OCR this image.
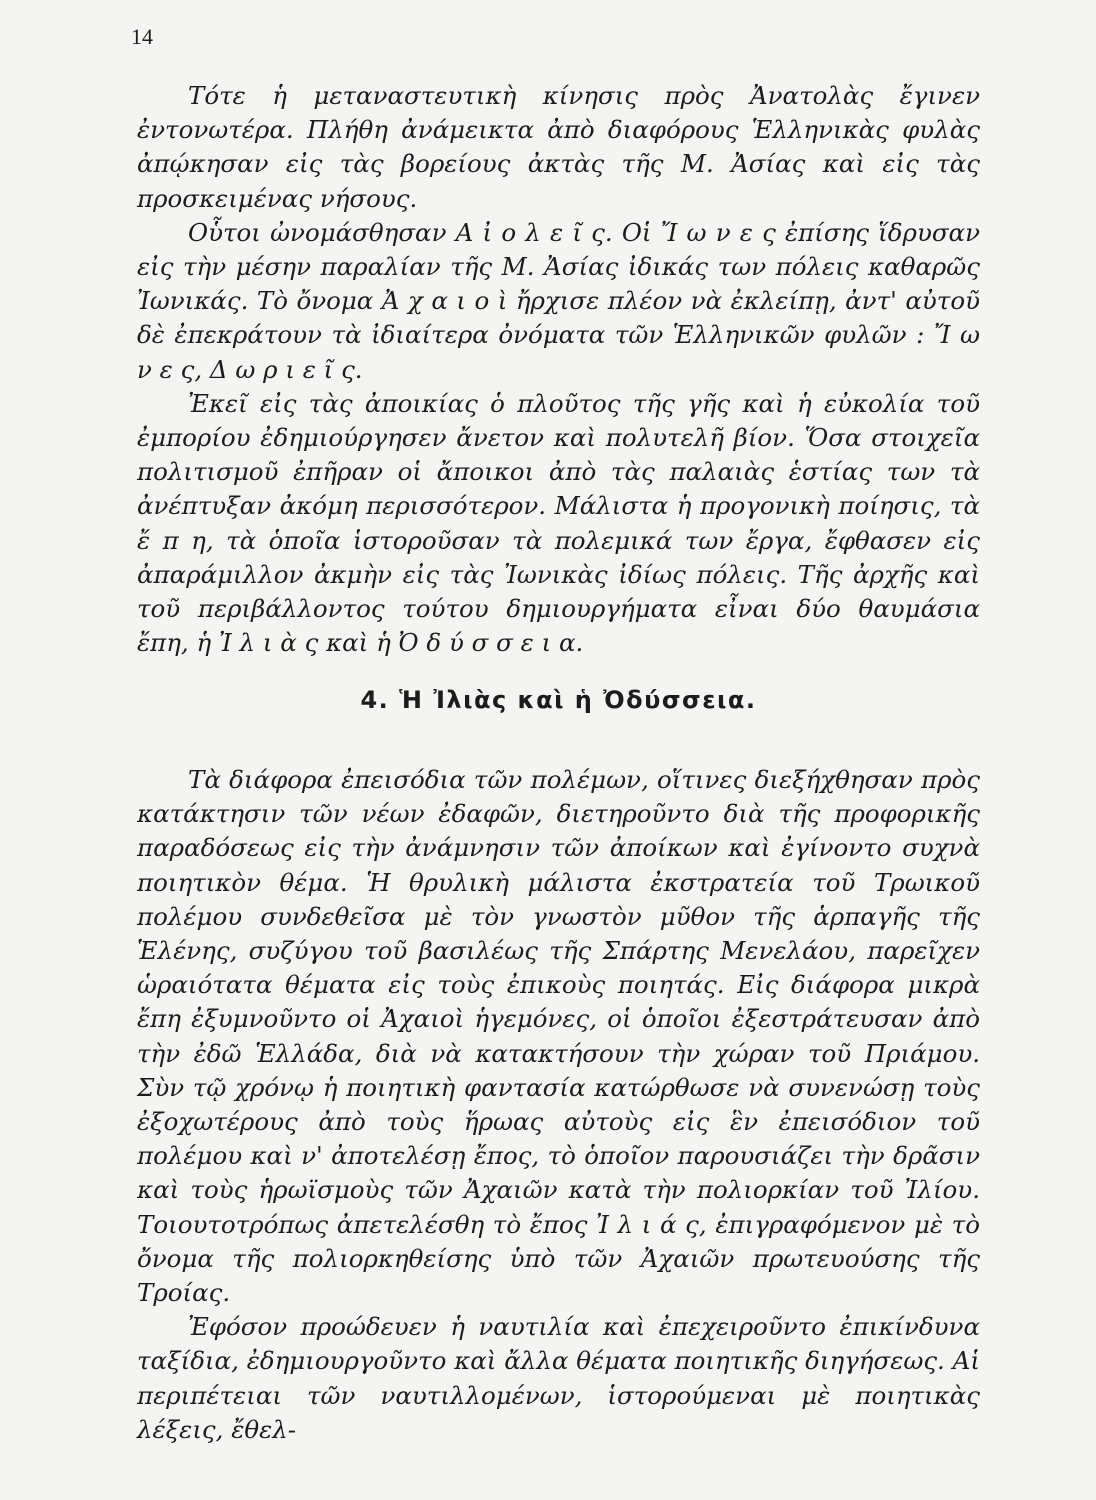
14

Τότε ἡ μεταναστευτικὴ κίνησις πρὸς Ἀνατολὰς ἔγινεν ἐντονωτέρα. Πλήθη ἀνάμεικτα ἀπὸ διαφόρους Ἑλληνικὰς φυλὰς ἀπῴκησαν εἰς τὰς βορείους ἀκτὰς τῆς Μ. Ἀσίας καὶ εἰς τὰς προσκειμένας νήσους.

Οὗτοι ὠνομάσθησαν Α ἰ ο λ ε ῖ ς. Οἱ Ἴ ω ν ε ς ἐπίσης ἵδρυσαν εἰς τὴν μέσην παραλίαν τῆς Μ. Ἀσίας ἰδικάς των πόλεις καθαρῶς Ἰωνικάς. Τὸ ὄνομα Ἀ χ α ι ο ὶ ἤρχισε πλέον νὰ ἐκλείπῃ, ἀντ' αὐτοῦ δὲ ἐπεκράτουν τὰ ἰδιαίτερα ὀνόματα τῶν Ἑλληνικῶν φυλῶν : Ἴ ω ν ε ς, Δ ω ρ ι ε ῖ ς.

Ἐκεῖ εἰς τὰς ἀποικίας ὁ πλοῦτος τῆς γῆς καὶ ἡ εὐκολία τοῦ ἐμπορίου ἐδημιούργησεν ἄνετον καὶ πολυτελῆ βίον. Ὅσα στοιχεῖα πολιτισμοῦ ἐπῆραν οἱ ἄποικοι ἀπὸ τὰς παλαιὰς ἑστίας των τὰ ἀνέπτυξαν ἀκόμη περισσότερον. Μάλιστα ἡ προγονικὴ ποίησις, τὰ ἔ π η, τὰ ὁποῖα ἱστοροῦσαν τὰ πολεμικά των ἔργα, ἔφθασεν εἰς ἀπαράμιλλον ἀκμὴν εἰς τὰς Ἰωνικὰς ἰδίως πόλεις. Τῆς ἀρχῆς καὶ τοῦ περιβάλλοντος τούτου δημιουργήματα εἶναι δύο θαυμάσια ἔπη, ἡ Ἰ λ ι ὰ ς καὶ ἡ Ὀ δ ύ σ σ ε ι α.

4. Ἡ Ἰλιὰς καὶ ἡ Ὀδύσσεια.

Τὰ διάφορα ἐπεισόδια τῶν πολέμων, οἵτινες διεξήχθησαν πρὸς κατάκτησιν τῶν νέων ἐδαφῶν, διετηροῦντο διὰ τῆς προφορικῆς παραδόσεως εἰς τὴν ἀνάμνησιν τῶν ἀποίκων καὶ ἐγίνοντο συχνὰ ποιητικὸν θέμα. Ἡ θρυλικὴ μάλιστα ἐκστρατεία τοῦ Τρωικοῦ πολέμου συνδεθεῖσα μὲ τὸν γνωστὸν μῦθον τῆς ἁρπαγῆς τῆς Ἑλένης, συζύγου τοῦ βασιλέως τῆς Σπάρτης Μενελάου, παρεῖχεν ὡραιότατα θέματα εἰς τοὺς ἐπικοὺς ποιητάς. Εἰς διάφορα μικρὰ ἔπη ἐξυμνοῦντο οἱ Ἀχαιοὶ ἡγεμόνες, οἱ ὁποῖοι ἐξεστράτευσαν ἀπὸ τὴν ἐδῶ Ἑλλάδα, διὰ νὰ κατακτήσουν τὴν χώραν τοῦ Πριάμου. Σὺν τῷ χρόνῳ ἡ ποιητικὴ φαντασία κατώρθωσε νὰ συνενώσῃ τοὺς ἐξοχωτέρους ἀπὸ τοὺς ἥρωας αὐτοὺς εἰς ἓν ἐπεισόδιον τοῦ πολέμου καὶ ν' ἀποτελέσῃ ἔπος, τὸ ὁποῖον παρουσιάζει τὴν δρᾶσιν καὶ τοὺς ἡρωϊσμοὺς τῶν Ἀχαιῶν κατὰ τὴν πολιορκίαν τοῦ Ἰλίου. Τοιουτοτρόπως ἀπετελέσθη τὸ ἔπος Ἰ λ ι ά ς, ἐπιγραφόμενον μὲ τὸ ὄνομα τῆς πολιορκηθείσης ὑπὸ τῶν Ἀχαιῶν πρωτευούσης τῆς Τροίας.

Ἐφόσον προώδευεν ἡ ναυτιλία καὶ ἐπεχειροῦντο ἐπικίνδυνα ταξίδια, ἐδημιουργοῦντο καὶ ἄλλα θέματα ποιητικῆς διηγήσεως. Αἱ περιπέτειαι τῶν ναυτιλλομένων, ἱστορούμεναι μὲ ποιητικὰς λέξεις, ἔθελ-
